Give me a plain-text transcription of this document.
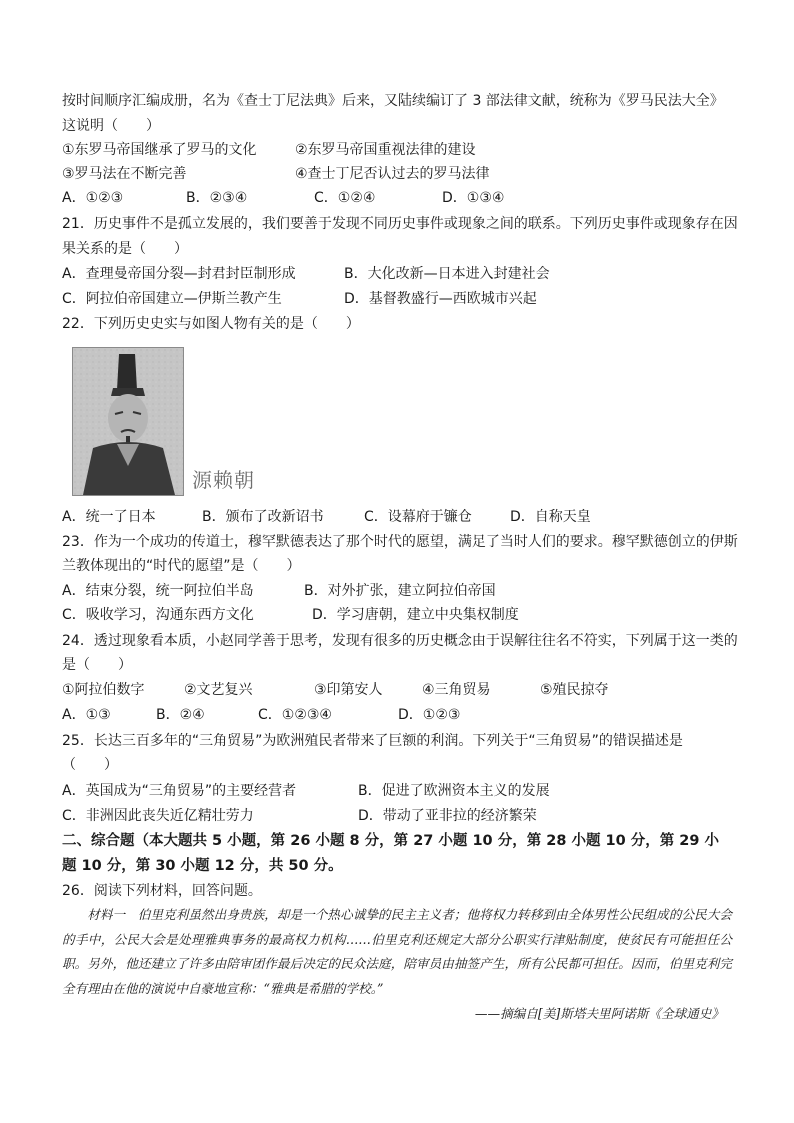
按时间顺序汇编成册，名为《查士丁尼法典》后来，又陆续编订了 3 部法律文献，统称为《罗马民法大全》
这说明（　　）
①东罗马帝国继承了罗马的文化	②东罗马帝国重视法律的建设
③罗马法在不断完善	④查士丁尼否认过去的罗马法律
A．①②③	B．②③④	C．①②④	D．①③④
21．历史事件不是孤立发展的，我们要善于发现不同历史事件或现象之间的联系。下列历史事件或现象存在因
果关系的是（　　）
A．查理曼帝国分裂—封君封臣制形成	B．大化改新—日本进入封建社会
C．阿拉伯帝国建立—伊斯兰教产生	D．基督教盛行—西欧城市兴起
22．下列历史史实与如图人物有关的是（　　）
源赖朝
A．统一了日本	B．颁布了改新诏书	C．设幕府于镰仓	D．自称天皇
23．作为一个成功的传道士，穆罕默德表达了那个时代的愿望，满足了当时人们的要求。穆罕默德创立的伊斯
兰教体现出的“时代的愿望”是（　　）
A．结束分裂，统一阿拉伯半岛	B．对外扩张，建立阿拉伯帝国
C．吸收学习，沟通东西方文化	D．学习唐朝，建立中央集权制度
24．透过现象看本质，小赵同学善于思考，发现有很多的历史概念由于误解往往名不符实，下列属于这一类的
是（　　）
①阿拉伯数字	②文艺复兴	③印第安人	④三角贸易	⑤殖民掠夺
A．①③	B．②④	C．①②③④	D．①②③
25．长达三百多年的“三角贸易”为欧洲殖民者带来了巨额的利润。下列关于“三角贸易”的错误描述是
（　　）
A．英国成为“三角贸易”的主要经营者	B．促进了欧洲资本主义的发展
C．非洲因此丧失近亿精壮劳力	D．带动了亚非拉的经济繁荣
二、综合题（本大题共 5 小题，第 26 小题 8 分，第 27 小题 10 分，第 28 小题 10 分，第 29 小
题 10 分，第 30 小题 12 分，共 50 分。
26．阅读下列材料，回答问题。
材料一　伯里克利虽然出身贵族，却是一个热心诚挚的民主主义者；他将权力转移到由全体男性公民组成的公民大会的手中，公民大会是处理雅典事务的最高权力机构……伯里克利还规定大部分公职实行津贴制度，使贫民有可能担任公职。另外，他还建立了许多由陪审团作最后决定的民众法庭，陪审员由抽签产生，所有公民都可担任。因而，伯里克利完全有理由在他的演说中自豪地宣称：“雅典是希腊的学校。”
——摘编自[美]斯塔夫里阿诺斯《全球通史》
